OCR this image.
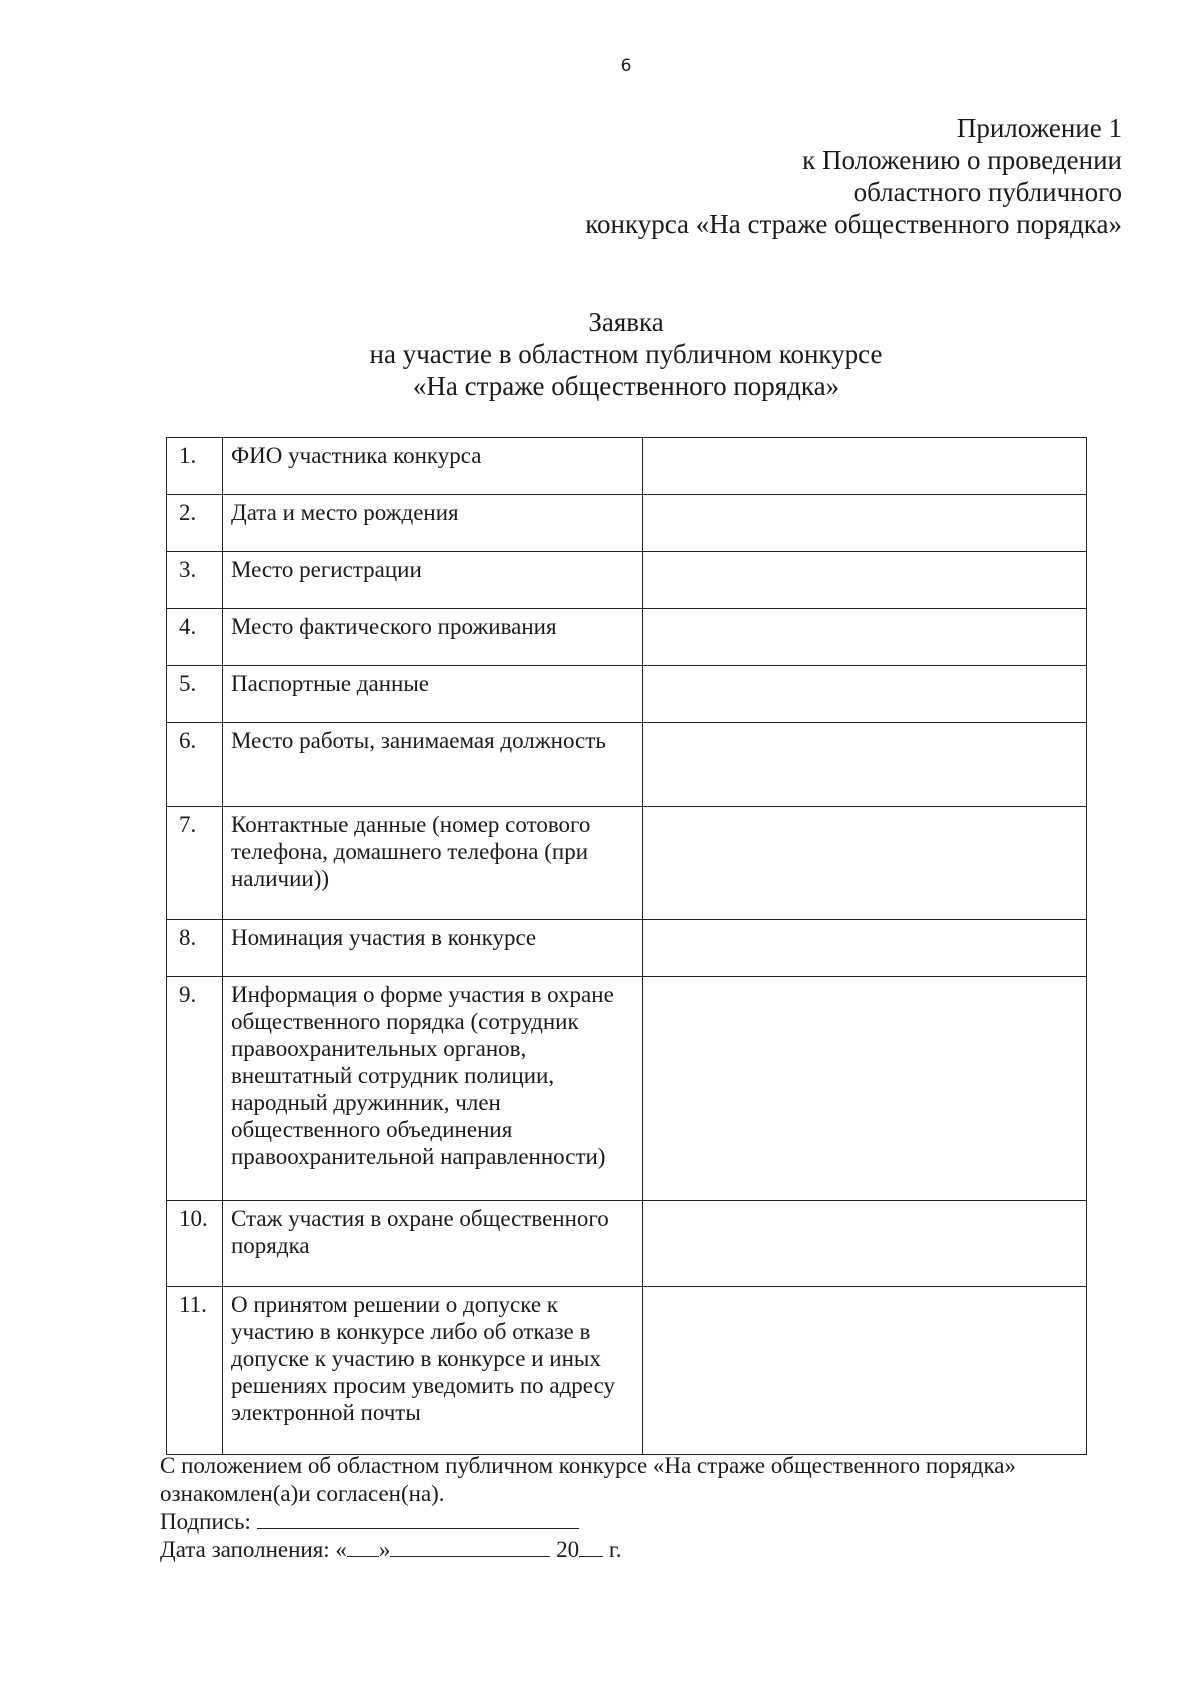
6
Приложение 1
к Положению о проведении
областного публичного
конкурса «На страже общественного порядка»
Заявка
на участие в областном публичном конкурсе
«На страже общественного порядка»
1.	ФИО участника конкурса	
2.	Дата и место рождения	
3.	Место регистрации	
4.	Место фактического проживания	
5.	Паспортные данные	
6.	Место работы, занимаемая должность	
7.	Контактные данные (номер сотового телефона, домашнего телефона (при наличии))	
8.	Номинация участия в конкурсе	
9.	Информация о форме участия в охране общественного порядка (сотрудник правоохранительных органов, внештатный сотрудник полиции, народный дружинник, член общественного объединения правоохранительной направленности)	
10.	Стаж участия в охране общественного порядка	
11.	О принятом решении о допуске к участию в конкурсе либо об отказе в допуске к участию в конкурсе и иных решениях просим уведомить по адресу электронной почты	
С положением об областном публичном конкурсе «На страже общественного порядка» ознакомлен(а)и согласен(на).
Подпись:
Дата заполнения: « »	20 г.
